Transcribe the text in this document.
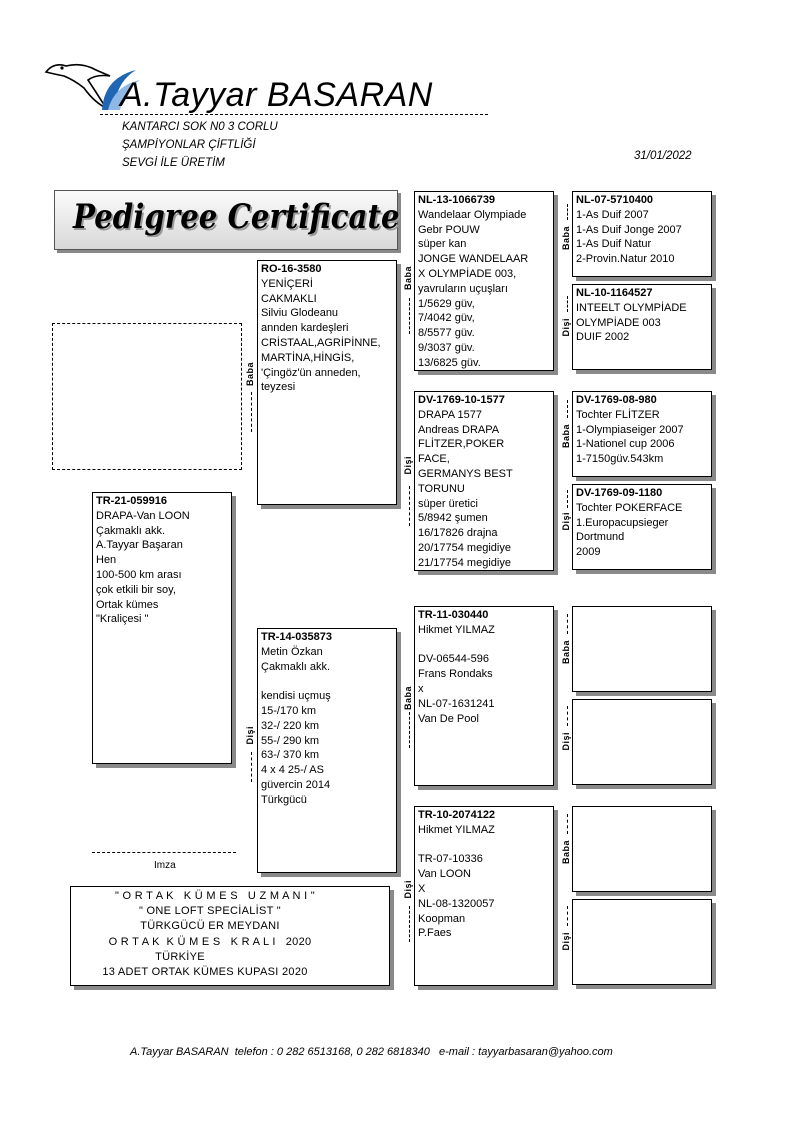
A.Tayyar BASARAN
KANTARCI SOK N0 3 CORLU
ŞAMPİYONLAR ÇİFTLİĞİ
SEVGİ İLE ÜRETİM
31/01/2022
Pedigree Certificate
TR-21-059916
DRAPA-Van LOON
Çakmaklı akk.
A.Tayyar Başaran
Hen
100-500 km arası
çok etkili bir soy,
Ortak kümes
"Kraliçesi "
Baba
RO-16-3580
YENİÇERİ
CAKMAKLI
Silviu Glodeanu
annden kardeşleri
CRİSTAAL,AGRİPİNNE,
MARTİNA,HİNGİS,
'Çingöz'ün anneden,
teyzesi
Dişi
TR-14-035873
Metin Özkan
Çakmaklı akk.
kendisi uçmuş
15-/170 km
32-/ 220 km
55-/ 290 km
63-/ 370 km
4 x 4 25-/ AS
güvercin 2014
Türkgücü
Baba
NL-13-1066739
Wandelaar Olympiade
Gebr POUW
süper kan
JONGE WANDELAAR
X OLYMPİADE 003,
yavruların uçuşları
1/5629 güv,
7/4042 güv,
8/5577 güv.
9/3037 güv.
13/6825 güv.
Dişi
DV-1769-10-1577
DRAPA 1577
Andreas DRAPA
FLİTZER,POKER
FACE,
GERMANYS BEST
TORUNU
süper üretici
5/8942 şumen
16/17826 drajna
20/17754 megidiye
21/17754 megidiye
Baba
TR-11-030440
Hikmet YILMAZ
DV-06544-596
Frans Rondaks
x
NL-07-1631241
Van De Pool
Dişi
TR-10-2074122
Hikmet YILMAZ
TR-07-10336
Van LOON
X
NL-08-1320057
Koopman
P.Faes
Baba
NL-07-5710400
1-As Duif 2007
1-As Duif Jonge 2007
1-As Duif Natur
2-Provin.Natur 2010
Dişi
NL-10-1164527
INTEELT OLYMPİADE
OLYMPİADE 003
DUIF 2002
Baba
DV-1769-08-980
Tochter FLİTZER
1-Olympiaseiger 2007
1-Nationel cup 2006
1-7150güv.543km
Dişi
DV-1769-09-1180
Tochter POKERFACE
1.Europacupsieger
Dortmund
2009
Baba
Dişi
Baba
Dişi
Imza
" O R T A K   K Ü M E S   U Z M A N I "
" ONE LOFT SPECİALİST "
TÜRKGÜCÜ ER MEYDANI
O R T A K  K Ü M E S   K R A L I   2020
TÜRKİYE
13 ADET ORTAK KÜMES KUPASI 2020
A.Tayyar BASARAN  telefon : 0 282 6513168, 0 282 6818340   e-mail : tayyarbasaran@yahoo.com
